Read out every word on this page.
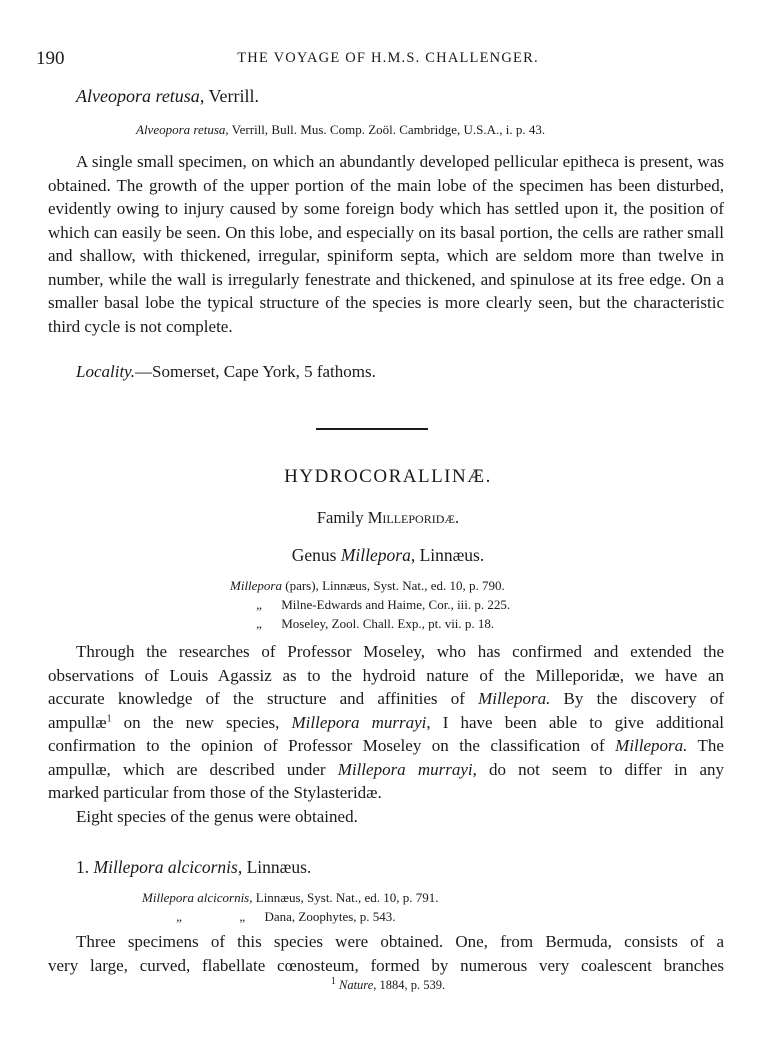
190	THE VOYAGE OF H.M.S. CHALLENGER.
Alveopora retusa, Verrill.
Alveopora retusa, Verrill, Bull. Mus. Comp. Zoöl. Cambridge, U.S.A., i. p. 43.

A single small specimen, on which an abundantly developed pellicular epitheca is present, was obtained. The growth of the upper portion of the main lobe of the specimen has been disturbed, evidently owing to injury caused by some foreign body which has settled upon it, the position of which can easily be seen. On this lobe, and especially on its basal portion, the cells are rather small and shallow, with thickened, irregular, spiniform septa, which are seldom more than twelve in number, while the wall is irregularly fenestrate and thickened, and spinulose at its free edge. On a smaller basal lobe the typical structure of the species is more clearly seen, but the characteristic third cycle is not complete.

Locality.—Somerset, Cape York, 5 fathoms.
HYDROCORALLINÆ.
Family Milleporidæ.
Genus Millepora, Linnæus.
Millepora (pars), Linnæus, Syst. Nat., ed. 10, p. 790.
„ Milne-Edwards and Haime, Cor., iii. p. 225.
„ Moseley, Zool. Chall. Exp., pt. vii. p. 18.
Through the researches of Professor Moseley, who has confirmed and extended the
observations of Louis Agassiz as to the hydroid nature of the Milleporidæ, we have an
accurate knowledge of the structure and affinities of Millepora. By the discovery of
ampullæ$^1$ on the new species, Millepora murrayi, I have been able to give additional
confirmation to the opinion of Professor Moseley on the classification of Millepora. The
ampullæ, which are described under Millepora murrayi, do not seem to differ in any
marked particular from those of the Stylasteridæ.
Eight species of the genus were obtained.
1. Millepora alcicornis, Linnæus.
Millepora alcicornis, Linnæus, Syst. Nat., ed. 10, p. 791.
„	„ Dana, Zoophytes, p. 543.
Three specimens of this species were obtained. One, from Bermuda, consists of a
very large, curved, flabellate cœnosteum, formed by numerous very coalescent branches
$^1$ Nature, 1884, p. 539.
